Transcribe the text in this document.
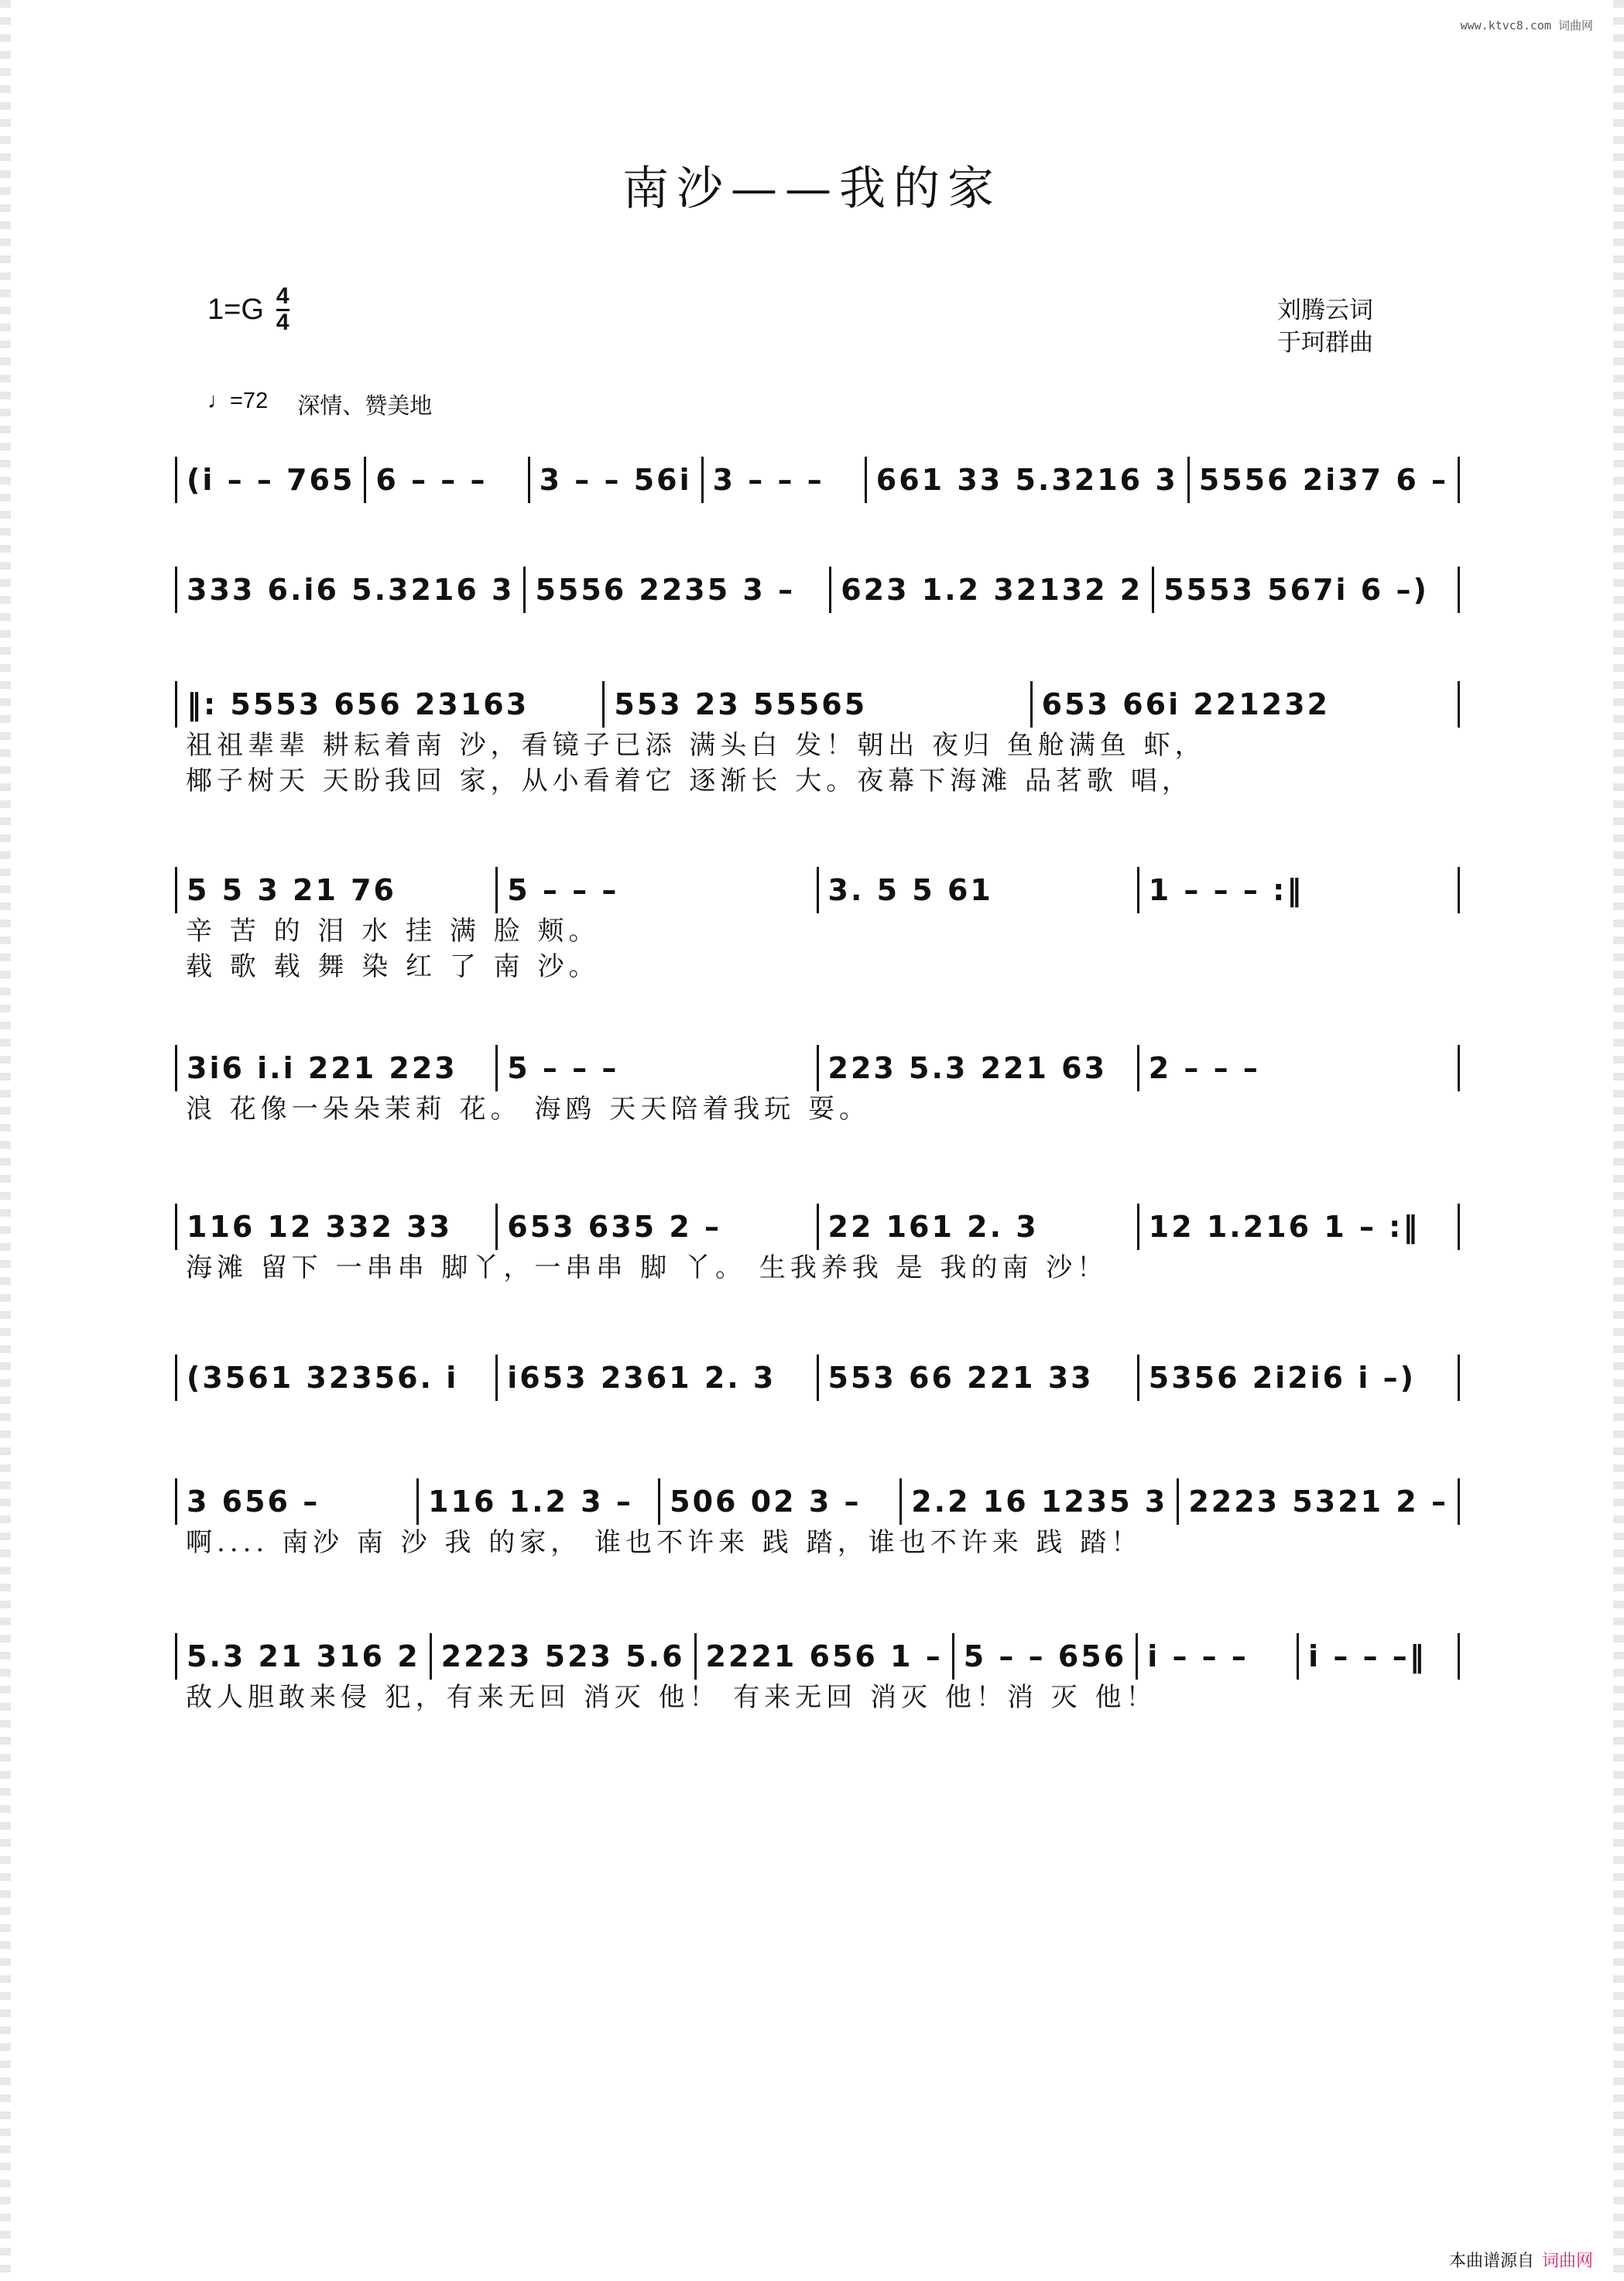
www.ktvc8.com 词曲网
南沙——我的家
1=G 4
4	刘腾云词
于珂群曲
♩=72 深情、赞美地
(i̇ – – 765 6 – – –	3 – – 56i̇ 3 – – –	661 33 5.3216 3 5556 2i̇37 6 –
333 6.i̇6 5.3216 3 5556 2235 3 –	623 1.2 32132 2 5553 567i̇ 6 –)
‖: 5553 656 23163	553 23 55565	653 66i̇ 221232
祖祖辈辈 耕耘着南 沙，看镜子已添 满头白 发！朝出 夜归 鱼舱满鱼 虾，
椰子树天 天盼我回 家，从小看着它 逐渐长 大。夜幕下海滩 品茗歌 唱，
5 5 3 21 76	5 – – –	3. 5 5 61	1 – – – :‖
辛 苦 的 泪 水 挂 满 脸 颊。
载 歌 载 舞 染 红 了 南 沙。
3i̇6 i̇.i̇ 221 223	5 – – –	223 5.3 221 63	2 – – –
浪 花像一朵朵茉莉 花。 海鸥 天天陪着我玩 耍。
116 12 332 33	653 635 2 –	22 161 2. 3	12 1.216 1 – :‖
海滩 留下 一串串 脚丫，一串串 脚 丫。 生我养我 是 我的南 沙！
(3561 32356. i̇	i̇653 2361 2. 3	553 66 221 33	5356 2i̇2i̇6 i̇ –)
3 656 –	116 1.2 3 –	506 02 3 –	2.2 16 1235 3 2223 5321 2 –
啊.... 南沙 南 沙 我 的家， 谁也不许来 践 踏，谁也不许来 践 踏！
5.3 21 316 2 2223 523 5.6 2221 656 1 – 5 – – 656 i̇ – – –	i̇ – – –‖
敌人胆敢来侵 犯，有来无回 消灭 他！ 有来无回 消灭 他！消 灭 他！
本曲谱源自 词曲网
